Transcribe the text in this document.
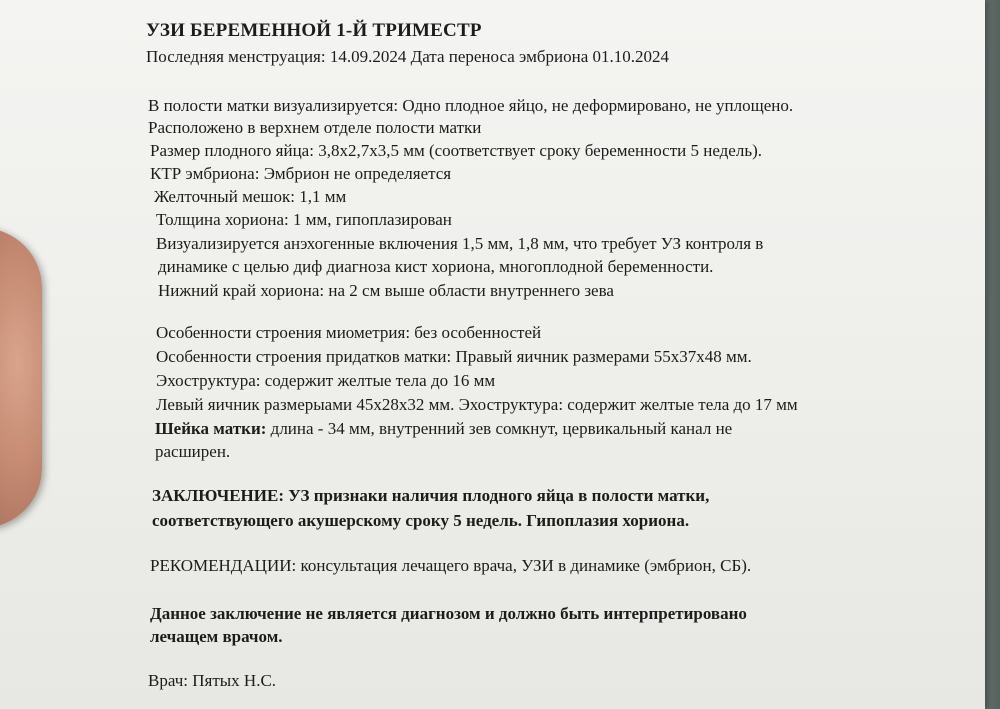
УЗИ БЕРЕМЕННОЙ 1-Й ТРИМЕСТР
Последняя менструация: 14.09.2024 Дата переноса эмбриона 01.10.2024
В полости матки визуализируется: Одно плодное яйцо, не деформировано, не уплощено.
Расположено в верхнем отделе полости матки
Размер плодного яйца: 3,8х2,7х3,5 мм (соответствует сроку беременности 5 недель).
КТР эмбриона: Эмбрион не определяется
Желточный мешок: 1,1 мм
Толщина хориона: 1 мм, гипоплазирован
Визуализируется анэхогенные включения 1,5 мм, 1,8 мм, что требует УЗ контроля в
динамике с целью диф диагноза кист хориона, многоплодной беременности.
Нижний край хориона: на 2 см выше области внутреннего зева
Особенности строения миометрия: без особенностей
Особенности строения придатков матки: Правый яичник размерами 55х37х48 мм.
Эхоструктура: содержит желтые тела до 16 мм
Левый яичник размерыами 45х28х32 мм. Эхоструктура: содержит желтые тела до 17 мм
Шейка матки: длина - 34 мм, внутренний зев сомкнут, цервикальный канал не
расширен.
ЗАКЛЮЧЕНИЕ: УЗ признаки наличия плодного яйца в полости матки,
соответствующего акушерскому сроку 5 недель. Гипоплазия хориона.
РЕКОМЕНДАЦИИ: консультация лечащего врача, УЗИ в динамике (эмбрион, СБ).
Данное заключение не является диагнозом и должно быть интерпретировано
лечащем врачом.
Врач: Пятых Н.С.
